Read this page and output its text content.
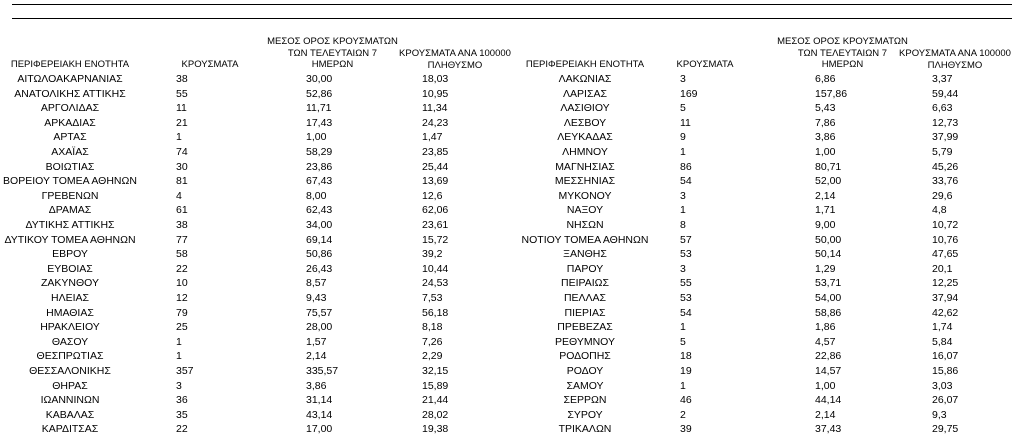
ΠΕΡΙΦΕΡΕΙΑΚΗ ΕΝΟΤΗΤΑ	ΚΡΟΥΣΜΑΤΑ
ΜΕΣΟΣ ΟΡΟΣ ΚΡΟΥΣΜΑΤΩΝ
ΤΩΝ ΤΕΛΕΥΤΑΙΩΝ 7
ΗΜΕΡΩΝ
ΚΡΟΥΣΜΑΤΑ ΑΝΑ 100000
ΠΛΗΘΥΣΜΟ	ΠΕΡΙΦΕΡΕΙΑΚΗ ΕΝΟΤΗΤΑ	ΚΡΟΥΣΜΑΤΑ
ΜΕΣΟΣ ΟΡΟΣ ΚΡΟΥΣΜΑΤΩΝ
ΤΩΝ ΤΕΛΕΥΤΑΙΩΝ 7
ΗΜΕΡΩΝ
ΚΡΟΥΣΜΑΤΑ ΑΝΑ 100000
ΠΛΗΘΥΣΜΟ
ΑΙΤΩΛΟΑΚΑΡΝΑΝΙΑΣ	38	30,00	18,03
ΑΝΑΤΟΛΙΚΗΣ ΑΤΤΙΚΗΣ	55	52,86	10,95
ΑΡΓΟΛΙΔΑΣ	11	11,71	11,34
ΑΡΚΑΔΙΑΣ	21	17,43	24,23
ΑΡΤΑΣ	1	1,00	1,47
ΑΧΑΪΑΣ	74	58,29	23,85
ΒΟΙΩΤΙΑΣ	30	23,86	25,44
ΒΟΡΕΙΟΥ ΤΟΜΕΑ ΑΘΗΝΩΝ	81	67,43	13,69
ΓΡΕΒΕΝΩΝ	4	8,00	12,6
ΔΡΑΜΑΣ	61	62,43	62,06
ΔΥΤΙΚΗΣ ΑΤΤΙΚΗΣ	38	34,00	23,61
ΔΥΤΙΚΟΥ ΤΟΜΕΑ ΑΘΗΝΩΝ	77	69,14	15,72
ΕΒΡΟΥ	58	50,86	39,2
ΕΥΒΟΙΑΣ	22	26,43	10,44
ΖΑΚΥΝΘΟΥ	10	8,57	24,53
ΗΛΕΙΑΣ	12	9,43	7,53
ΗΜΑΘΙΑΣ	79	75,57	56,18
ΗΡΑΚΛΕΙΟΥ	25	28,00	8,18
ΘΑΣΟΥ	1	1,57	7,26
ΘΕΣΠΡΩΤΙΑΣ	1	2,14	2,29
ΘΕΣΣΑΛΟΝΙΚΗΣ	357	335,57	32,15
ΘΗΡΑΣ	3	3,86	15,89
ΙΩΑΝΝΙΝΩΝ	36	31,14	21,44
ΚΑΒΑΛΑΣ	35	43,14	28,02
ΚΑΡΔΙΤΣΑΣ	22	17,00	19,38
ΛΑΚΩΝΙΑΣ	3	6,86	3,37
ΛΑΡΙΣΑΣ	169	157,86	59,44
ΛΑΣΙΘΙΟΥ	5	5,43	6,63
ΛΕΣΒΟΥ	11	7,86	12,73
ΛΕΥΚΑΔΑΣ	9	3,86	37,99
ΛΗΜΝΟΥ	1	1,00	5,79
ΜΑΓΝΗΣΙΑΣ	86	80,71	45,26
ΜΕΣΣΗΝΙΑΣ	54	52,00	33,76
ΜΥΚΟΝΟΥ	3	2,14	29,6
ΝΑΞΟΥ	1	1,71	4,8
ΝΗΣΩΝ	8	9,00	10,72
ΝΟΤΙΟΥ ΤΟΜΕΑ ΑΘΗΝΩΝ	57	50,00	10,76
ΞΑΝΘΗΣ	53	50,14	47,65
ΠΑΡΟΥ	3	1,29	20,1
ΠΕΙΡΑΙΩΣ	55	53,71	12,25
ΠΕΛΛΑΣ	53	54,00	37,94
ΠΙΕΡΙΑΣ	54	58,86	42,62
ΠΡΕΒΕΖΑΣ	1	1,86	1,74
ΡΕΘΥΜΝΟΥ	5	4,57	5,84
ΡΟΔΟΠΗΣ	18	22,86	16,07
ΡΟΔΟΥ	19	14,57	15,86
ΣΑΜΟΥ	1	1,00	3,03
ΣΕΡΡΩΝ	46	44,14	26,07
ΣΥΡΟΥ	2	2,14	9,3
ΤΡΙΚΑΛΩΝ	39	37,43	29,75
